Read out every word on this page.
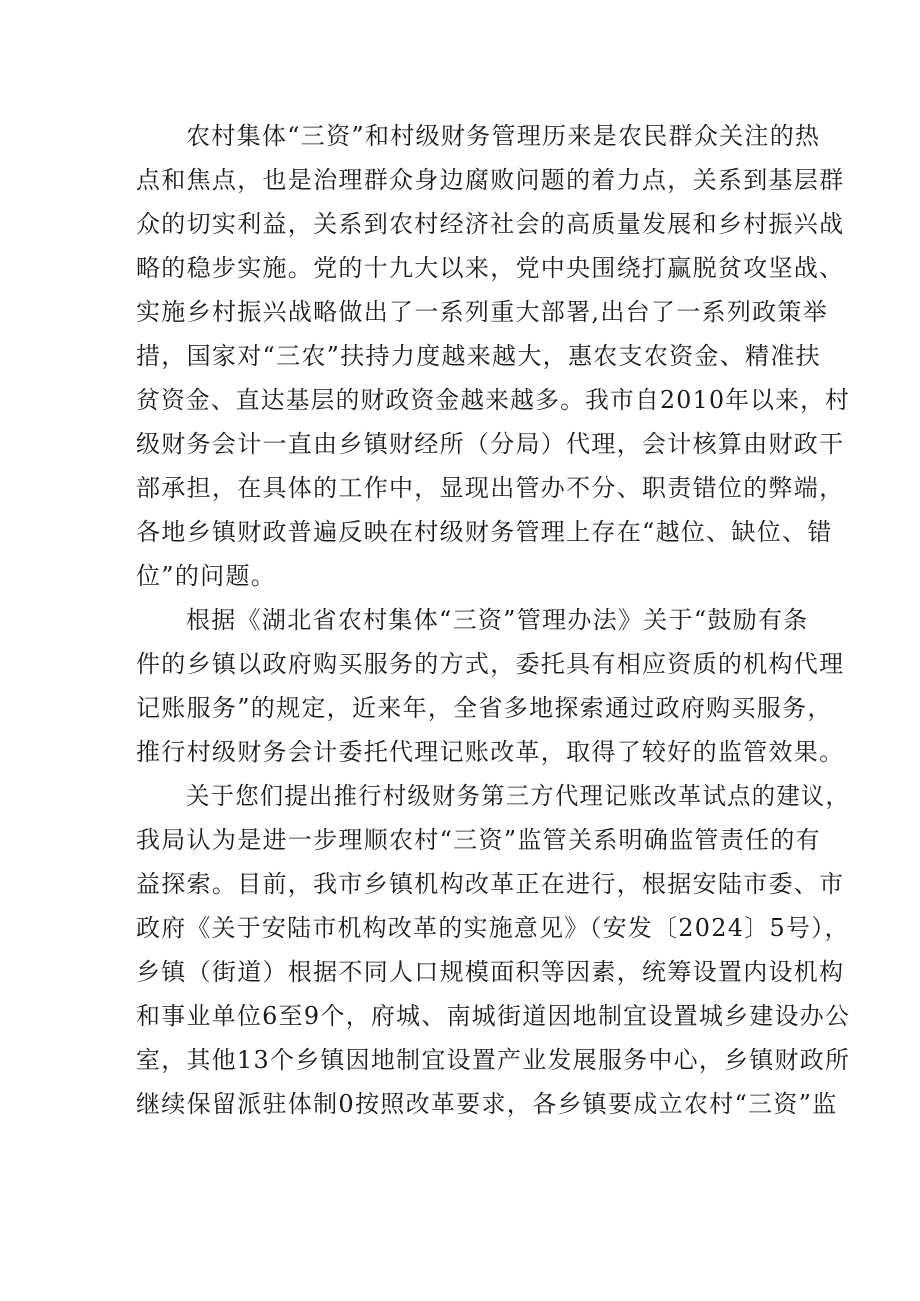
农村集体“三资”和村级财务管理历来是农民群众关注的热
点和焦点，也是治理群众身边腐败问题的着力点，关系到基层群
众的切实利益，关系到农村经济社会的高质量发展和乡村振兴战
略的稳步实施。党的十九大以来，党中央围绕打赢脱贫攻坚战、
实施乡村振兴战略做出了一系列重大部署,出台了一系列政策举
措，国家对“三农”扶持力度越来越大，惠农支农资金、精准扶
贫资金、直达基层的财政资金越来越多。我市自2010年以来，村
级财务会计一直由乡镇财经所（分局）代理，会计核算由财政干
部承担，在具体的工作中，显现出管办不分、职责错位的弊端，
各地乡镇财政普遍反映在村级财务管理上存在“越位、缺位、错
位”的问题。
根据《湖北省农村集体“三资”管理办法》关于“鼓励有条
件的乡镇以政府购买服务的方式，委托具有相应资质的机构代理
记账服务”的规定，近来年，全省多地探索通过政府购买服务，
推行村级财务会计委托代理记账改革，取得了较好的监管效果。
关于您们提出推行村级财务第三方代理记账改革试点的建议，
我局认为是进一步理顺农村“三资”监管关系明确监管责任的有
益探索。目前，我市乡镇机构改革正在进行，根据安陆市委、市
政府《关于安陆市机构改革的实施意见》（安发〔2024〕5号），
乡镇（街道）根据不同人口规模面积等因素，统筹设置内设机构
和事业单位6至9个，府城、南城街道因地制宜设置城乡建设办公
室，其他13个乡镇因地制宜设置产业发展服务中心，乡镇财政所
继续保留派驻体制0按照改革要求，各乡镇要成立农村“三资”监
